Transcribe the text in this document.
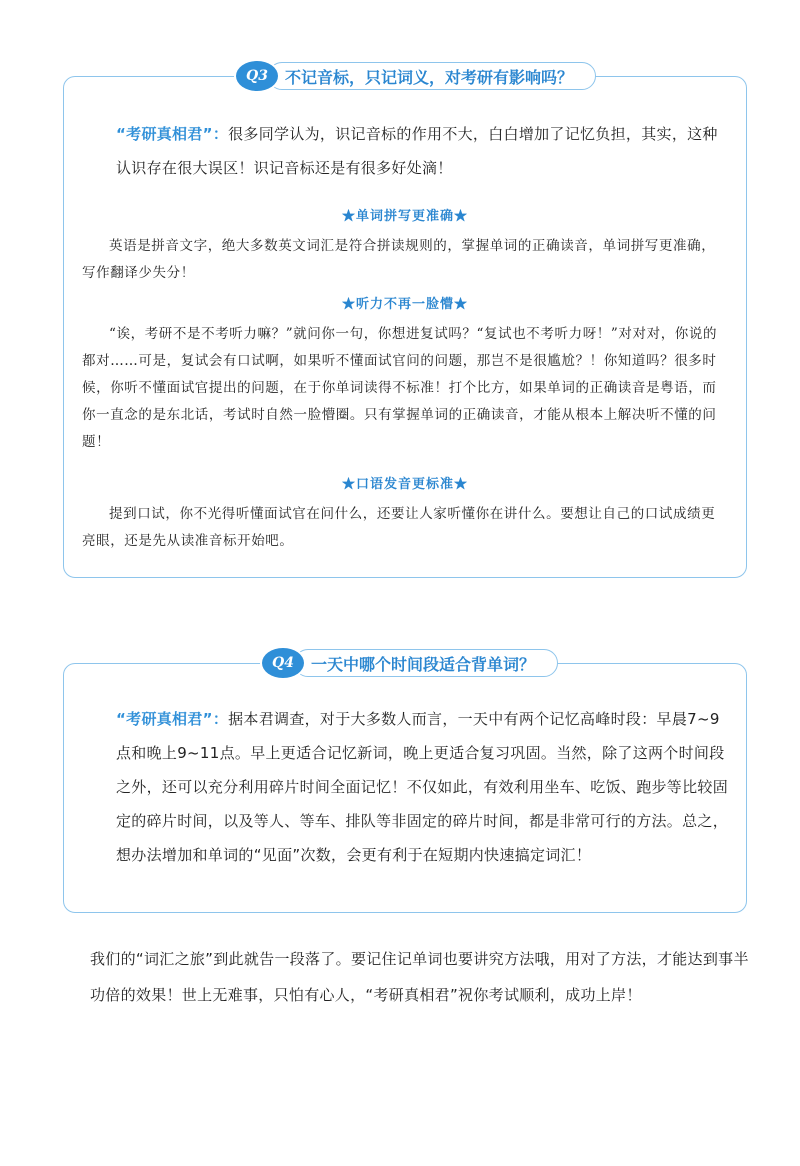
Q3	不记音标，只记词义，对考研有影响吗？

“考研真相君”：很多同学认为，识记音标的作用不大，白白增加了记忆负担，其实，这种认识存在很大误区！识记音标还是有很多好处滴！

★单词拼写更准确★

英语是拼音文字，绝大多数英文词汇是符合拼读规则的，掌握单词的正确读音，单词拼写更准确，写作翻译少失分！

★听力不再一脸懵★

“诶，考研不是不考听力嘛？”就问你一句，你想进复试吗？“复试也不考听力呀！”对对对，你说的都对……可是，复试会有口试啊，如果听不懂面试官问的问题，那岂不是很尴尬？！你知道吗？很多时候，你听不懂面试官提出的问题，在于你单词读得不标准！打个比方，如果单词的正确读音是粤语，而你一直念的是东北话，考试时自然一脸懵圈。只有掌握单词的正确读音，才能从根本上解决听不懂的问题！

★口语发音更标准★

提到口试，你不光得听懂面试官在问什么，还要让人家听懂你在讲什么。要想让自己的口试成绩更亮眼，还是先从读准音标开始吧。

Q4	一天中哪个时间段适合背单词？

“考研真相君”：据本君调查，对于大多数人而言，一天中有两个记忆高峰时段：早晨7~9点和晚上9~11点。早上更适合记忆新词，晚上更适合复习巩固。当然，除了这两个时间段之外，还可以充分利用碎片时间全面记忆！不仅如此，有效利用坐车、吃饭、跑步等比较固定的碎片时间，以及等人、等车、排队等非固定的碎片时间，都是非常可行的方法。总之，想办法增加和单词的“见面”次数，会更有利于在短期内快速搞定词汇！

我们的“词汇之旅”到此就告一段落了。要记住记单词也要讲究方法哦，用对了方法，才能达到事半功倍的效果！世上无难事，只怕有心人，“考研真相君”祝你考试顺利，成功上岸！
